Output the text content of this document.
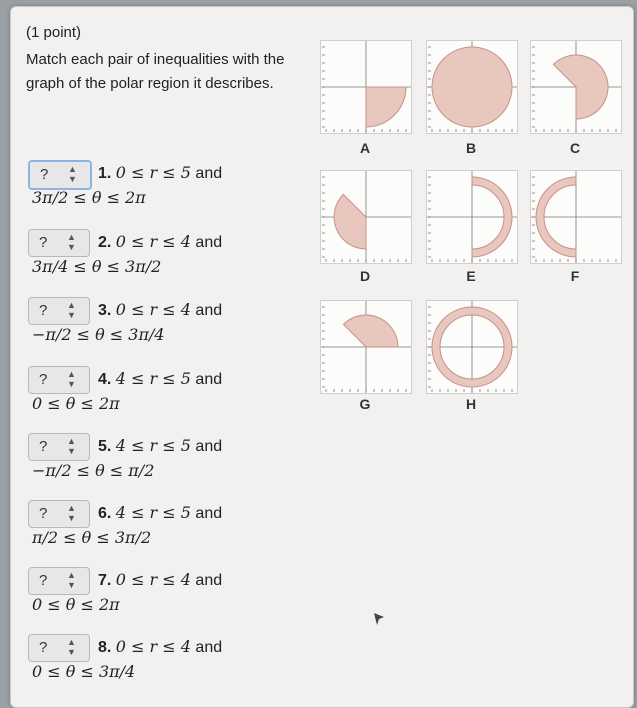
(1 point)
Match each pair of inequalities with the graph of the polar region it describes.
? ▲
▼ 1. 0 ≤ r ≤ 5 and
3π/2 ≤ θ ≤ 2π
? ▲
▼ 2. 0 ≤ r ≤ 4 and
3π/4 ≤ θ ≤ 3π/2
? ▲
▼ 3. 0 ≤ r ≤ 4 and
−π/2 ≤ θ ≤ 3π/4
? ▲
▼ 4. 4 ≤ r ≤ 5 and
0 ≤ θ ≤ 2π
? ▲
▼ 5. 4 ≤ r ≤ 5 and
−π/2 ≤ θ ≤ π/2
? ▲
▼ 6. 4 ≤ r ≤ 5 and
π/2 ≤ θ ≤ 3π/2
? ▲
▼ 7. 0 ≤ r ≤ 4 and
0 ≤ θ ≤ 2π
? ▲
▼ 8. 0 ≤ r ≤ 4 and
0 ≤ θ ≤ 3π/4
A	B	C
D	E	F
G	H
